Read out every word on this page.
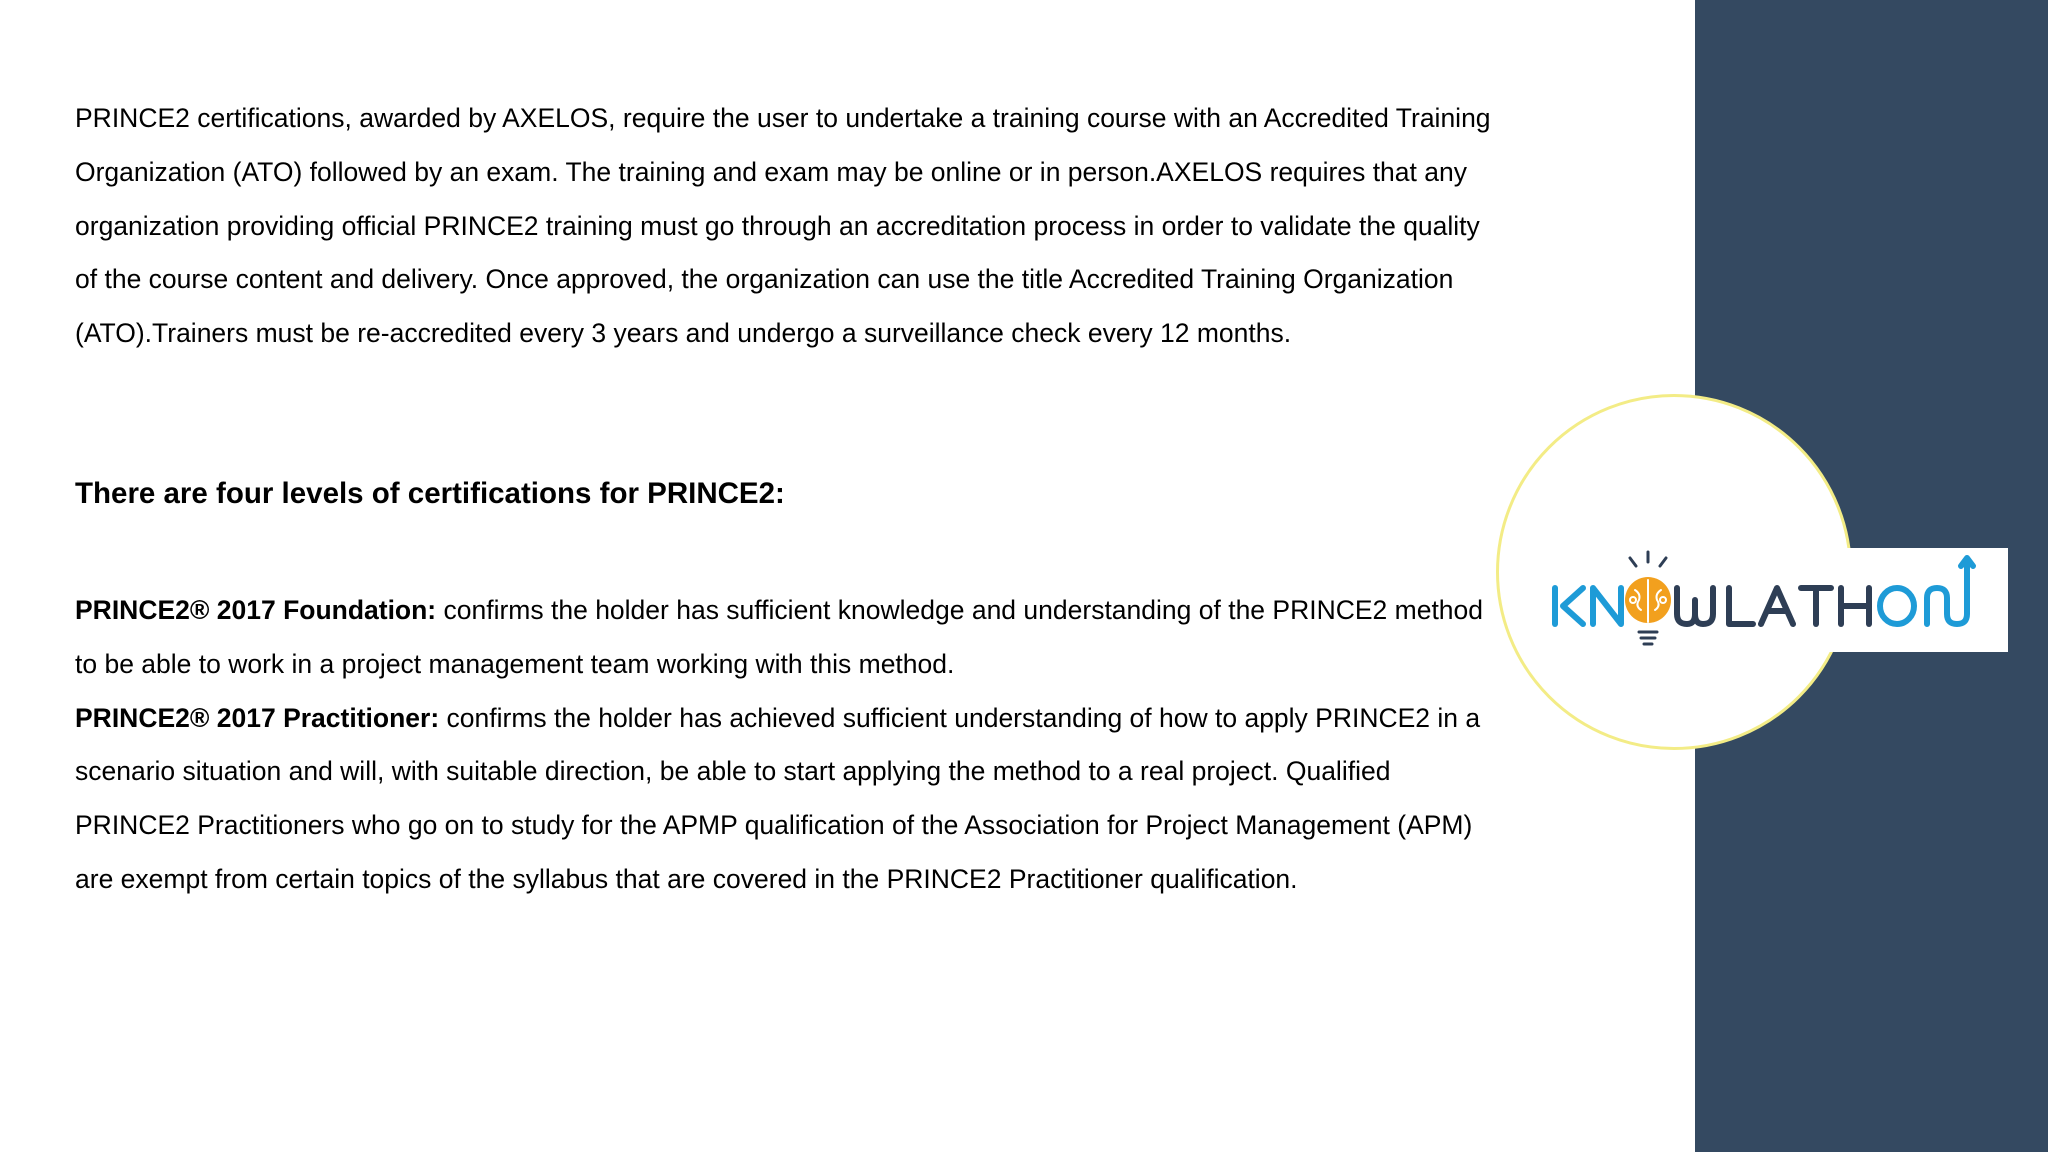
PRINCE2 certifications, awarded by AXELOS, require the user to undertake a training course with an Accredited Training Organization (ATO) followed by an exam. The training and exam may be online or in person.AXELOS requires that any organization providing official PRINCE2 training must go through an accreditation process in order to validate the quality of the course content and delivery. Once approved, the organization can use the title Accredited Training Organization (ATO).Trainers must be re-accredited every 3 years and undergo a surveillance check every 12 months.

There are four levels of certifications for PRINCE2:

PRINCE2® 2017 Foundation: confirms the holder has sufficient knowledge and understanding of the PRINCE2 method to be able to work in a project management team working with this method.

PRINCE2® 2017 Practitioner: confirms the holder has achieved sufficient understanding of how to apply PRINCE2 in a scenario situation and will, with suitable direction, be able to start applying the method to a real project. Qualified PRINCE2 Practitioners who go on to study for the APMP qualification of the Association for Project Management (APM) are exempt from certain topics of the syllabus that are covered in the PRINCE2 Practitioner qualification.
